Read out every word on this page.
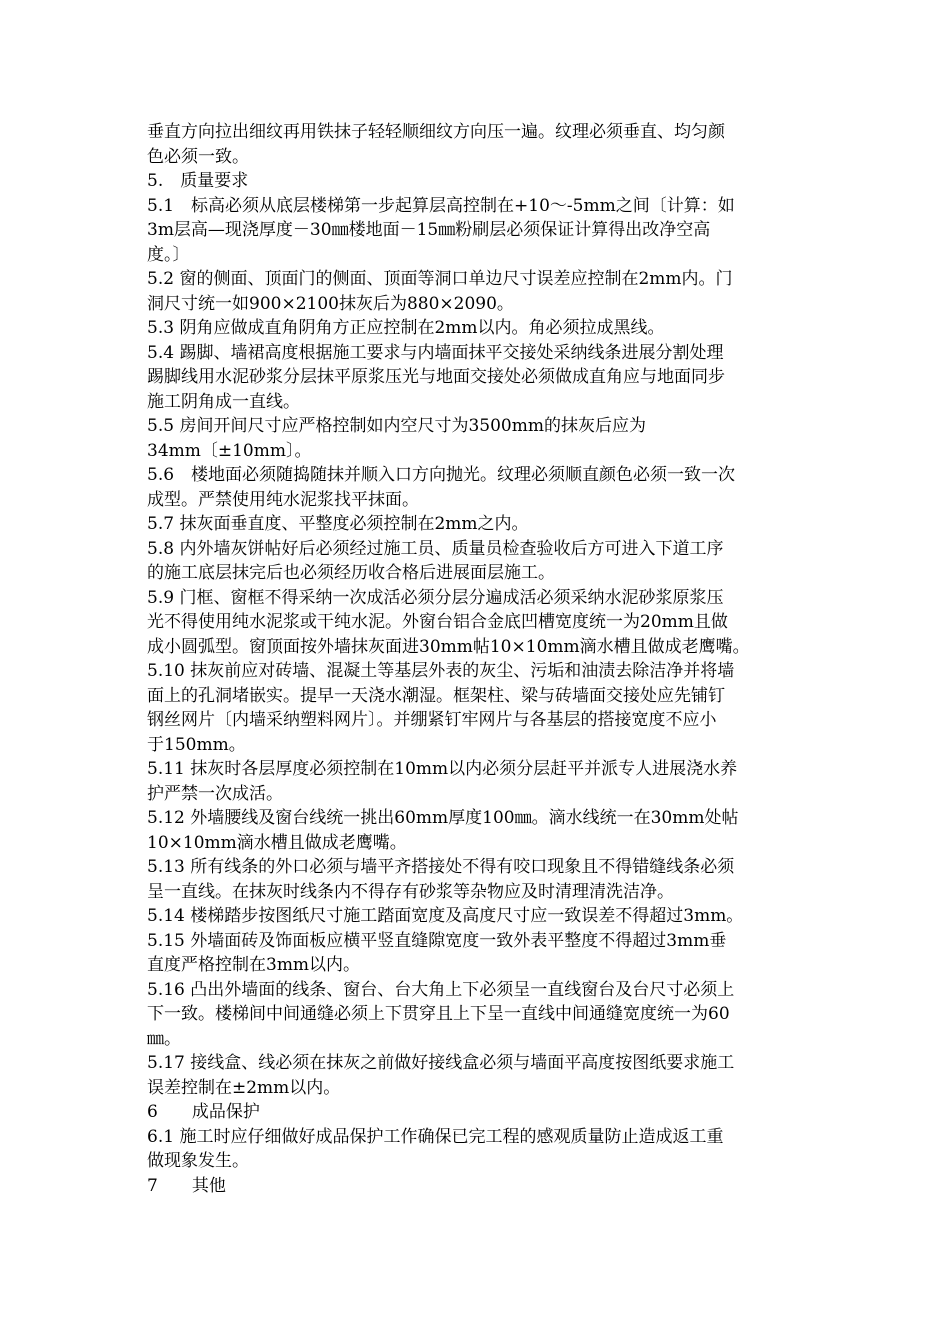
垂直方向拉出细纹再用铁抹子轻轻顺细纹方向压一遍。纹理必须垂直、均匀颜
色必须一致。
5.　质量要求
5.1　标高必须从底层楼梯第一步起算层高控制在+10～-5mm之间〔计算：如
3m层高—现浇厚度－30㎜楼地面－15㎜粉刷层必须保证计算得出改净空高
度。〕
5.2 窗的侧面、顶面门的侧面、顶面等洞口单边尺寸误差应控制在2mm内。门
洞尺寸统一如900×2100抹灰后为880×2090。
5.3 阴角应做成直角阴角方正应控制在2mm以内。角必须拉成黑线。
5.4 踢脚、墙裙高度根据施工要求与内墙面抹平交接处采纳线条进展分割处理
踢脚线用水泥砂浆分层抹平原浆压光与地面交接处必须做成直角应与地面同步
施工阴角成一直线。
5.5 房间开间尺寸应严格控制如内空尺寸为3500mm的抹灰后应为
34mm〔±10mm〕。
5.6　楼地面必须随捣随抹并顺入口方向抛光。纹理必须顺直颜色必须一致一次
成型。严禁使用纯水泥浆找平抹面。
5.7 抹灰面垂直度、平整度必须控制在2mm之内。
5.8 内外墙灰饼帖好后必须经过施工员、质量员检查验收后方可进入下道工序
的施工底层抹完后也必须经历收合格后进展面层施工。
5.9 门框、窗框不得采纳一次成活必须分层分遍成活必须采纳水泥砂浆原浆压
光不得使用纯水泥浆或干纯水泥。外窗台铝合金底凹槽宽度统一为20mm且做
成小圆弧型。窗顶面按外墙抹灰面进30mm帖10×10mm滴水槽且做成老鹰嘴。
5.10 抹灰前应对砖墙、混凝土等基层外表的灰尘、污垢和油渍去除洁净并将墙
面上的孔洞堵嵌实。提早一天浇水潮湿。框架柱、梁与砖墙面交接处应先铺钉
钢丝网片〔内墙采纳塑料网片〕。并绷紧钉牢网片与各基层的搭接宽度不应小
于150mm。
5.11 抹灰时各层厚度必须控制在10mm以内必须分层赶平并派专人进展浇水养
护严禁一次成活。
5.12 外墙腰线及窗台线统一挑出60mm厚度100㎜。滴水线统一在30mm处帖
10×10mm滴水槽且做成老鹰嘴。
5.13 所有线条的外口必须与墙平齐搭接处不得有咬口现象且不得错缝线条必须
呈一直线。在抹灰时线条内不得存有砂浆等杂物应及时清理清洗洁净。
5.14 楼梯踏步按图纸尺寸施工踏面宽度及高度尺寸应一致误差不得超过3mm。
5.15 外墙面砖及饰面板应横平竖直缝隙宽度一致外表平整度不得超过3mm垂
直度严格控制在3mm以内。
5.16 凸出外墙面的线条、窗台、台大角上下必须呈一直线窗台及台尺寸必须上
下一致。楼梯间中间通缝必须上下贯穿且上下呈一直线中间通缝宽度统一为60
㎜。
5.17 接线盒、线必须在抹灰之前做好接线盒必须与墙面平高度按图纸要求施工
误差控制在±2mm以内。
6　　成品保护
6.1 施工时应仔细做好成品保护工作确保已完工程的感观质量防止造成返工重
做现象发生。
7　　其他
